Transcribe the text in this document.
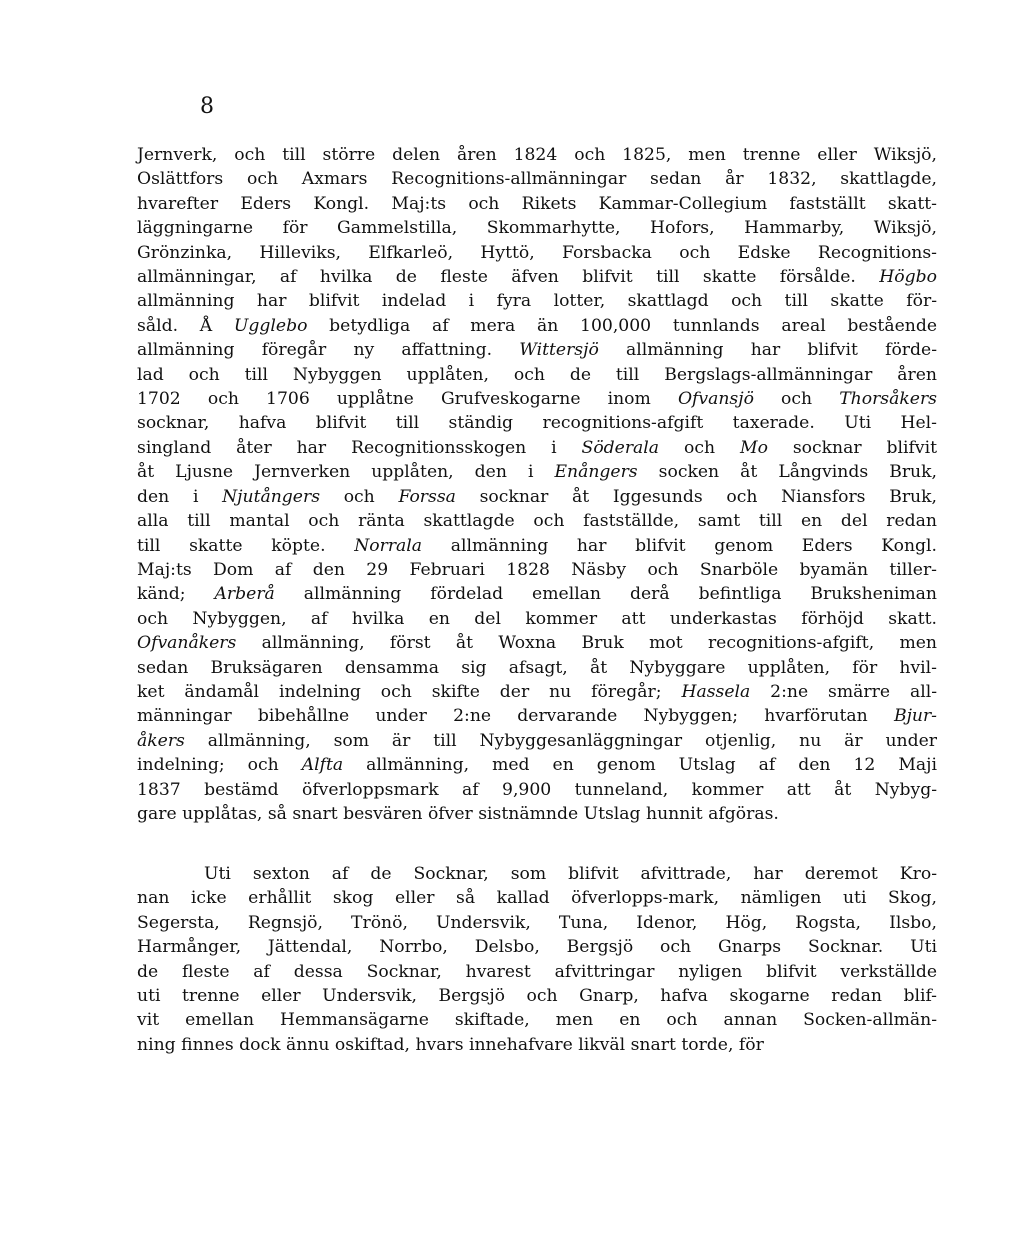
8
Jernverk, och till större delen åren 1824 och 1825, men trenne eller Wiksjö,
Oslättfors och Axmars Recognitions-allmänningar sedan år 1832, skattlagde,
hvarefter Eders Kongl. Maj:ts och Rikets Kammar-Collegium fastställt skatt-
läggningarne för Gammelstilla, Skommarhytte, Hofors, Hammarby, Wiksjö,
Grönzinka, Hilleviks, Elfkarleö, Hyttö, Forsbacka och Edske Recognitions-
allmänningar, af hvilka de fleste äfven blifvit till skatte försålde. Högbo
allmänning har blifvit indelad i fyra lotter, skattlagd och till skatte för-
såld. Å Ugglebo betydliga af mera än 100,000 tunnlands areal bestående
allmänning föregår ny affattning. Wittersjö allmänning har blifvit förde-
lad och till Nybyggen upplåten, och de till Bergslags-allmänningar åren
1702 och 1706 upplåtne Grufveskogarne inom Ofvansjö och Thorsåkers
socknar, hafva blifvit till ständig recognitions-afgift taxerade. Uti Hel-
singland åter har Recognitionsskogen i Söderala och Mo socknar blifvit
åt Ljusne Jernverken upplåten, den i Enångers socken åt Långvinds Bruk,
den i Njutångers och Forssa socknar åt Iggesunds och Niansfors Bruk,
alla till mantal och ränta skattlagde och fastställde, samt till en del redan
till skatte köpte. Norrala allmänning har blifvit genom Eders Kongl.
Maj:ts Dom af den 29 Februari 1828 Näsby och Snarböle byamän tiller-
känd; Arberå allmänning fördelad emellan derå befintliga Bruksheniman
och Nybyggen, af hvilka en del kommer att underkastas förhöjd skatt.
Ofvanåkers allmänning, först åt Woxna Bruk mot recognitions-afgift, men
sedan Bruksägaren densamma sig afsagt, åt Nybyggare upplåten, för hvil-
ket ändamål indelning och skifte der nu föregår; Hassela 2:ne smärre all-
männingar bibehållne under 2:ne dervarande Nybyggen; hvarförutan Bjur-
åkers allmänning, som är till Nybyggesanläggningar otjenlig, nu är under
indelning; och Alfta allmänning, med en genom Utslag af den 12 Maji
1837 bestämd öfverloppsmark af 9,900 tunneland, kommer att åt Nybyg-
gare upplåtas, så snart besvären öfver sistnämnde Utslag hunnit afgöras.
Uti sexton af de Socknar, som blifvit afvittrade, har deremot Kro-
nan icke erhållit skog eller så kallad öfverlopps-mark, nämligen uti Skog,
Segersta, Regnsjö, Trönö, Undersvik, Tuna, Idenor, Hög, Rogsta, Ilsbo,
Harmånger, Jättendal, Norrbo, Delsbo, Bergsjö och Gnarps Socknar. Uti
de fleste af dessa Socknar, hvarest afvittringar nyligen blifvit verkställde
uti trenne eller Undersvik, Bergsjö och Gnarp, hafva skogarne redan blif-
vit emellan Hemmansägarne skiftade, men en och annan Socken-allmän-
ning finnes dock ännu oskiftad, hvars innehafvare likväl snart torde, för
